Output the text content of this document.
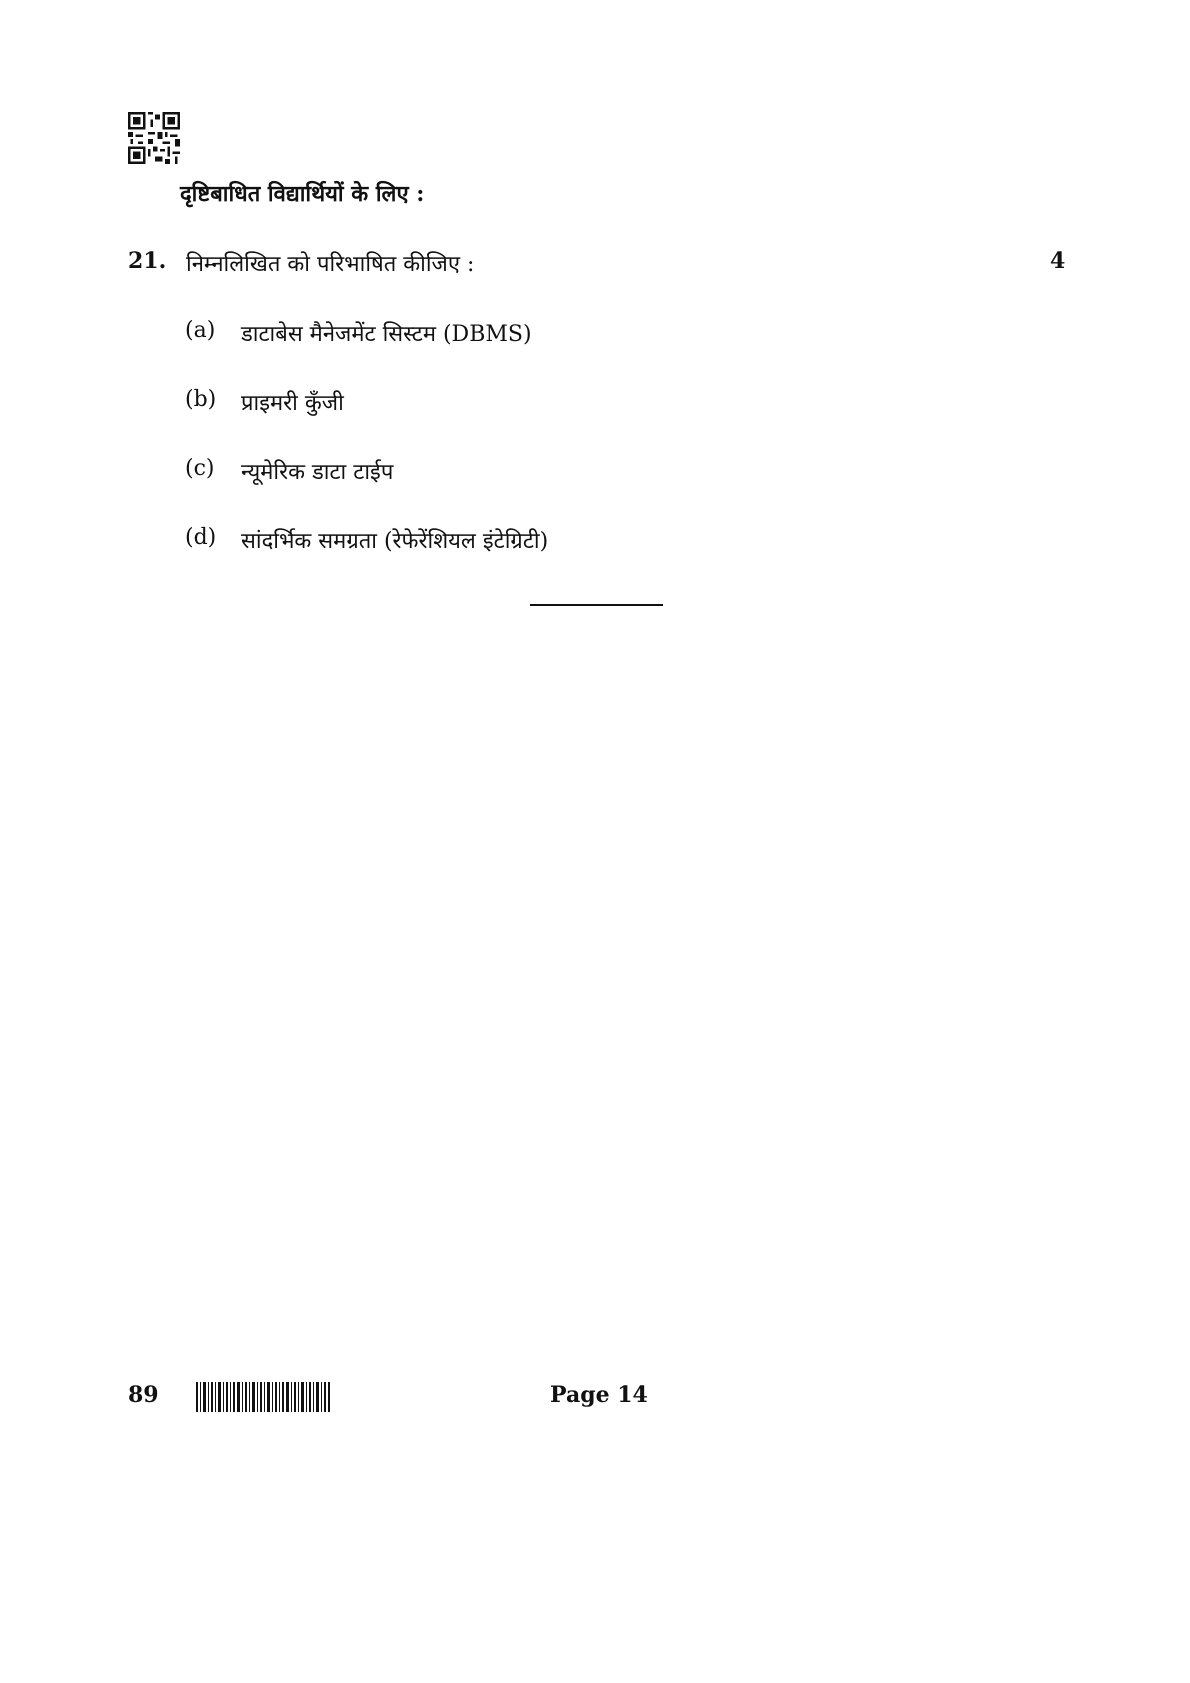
दृष्टिबाधित विद्यार्थियों के लिए :
21. निम्नलिखित को परिभाषित कीजिए :	4
(a)	डाटाबेस मैनेजमेंट सिस्टम (DBMS)
(b)	प्राइमरी कुँजी
(c)	न्यूमेरिक डाटा टाईप
(d)	सांदर्भिक समग्रता (रेफेरेंशियल इंटेग्रिटी)
89	Page 14
